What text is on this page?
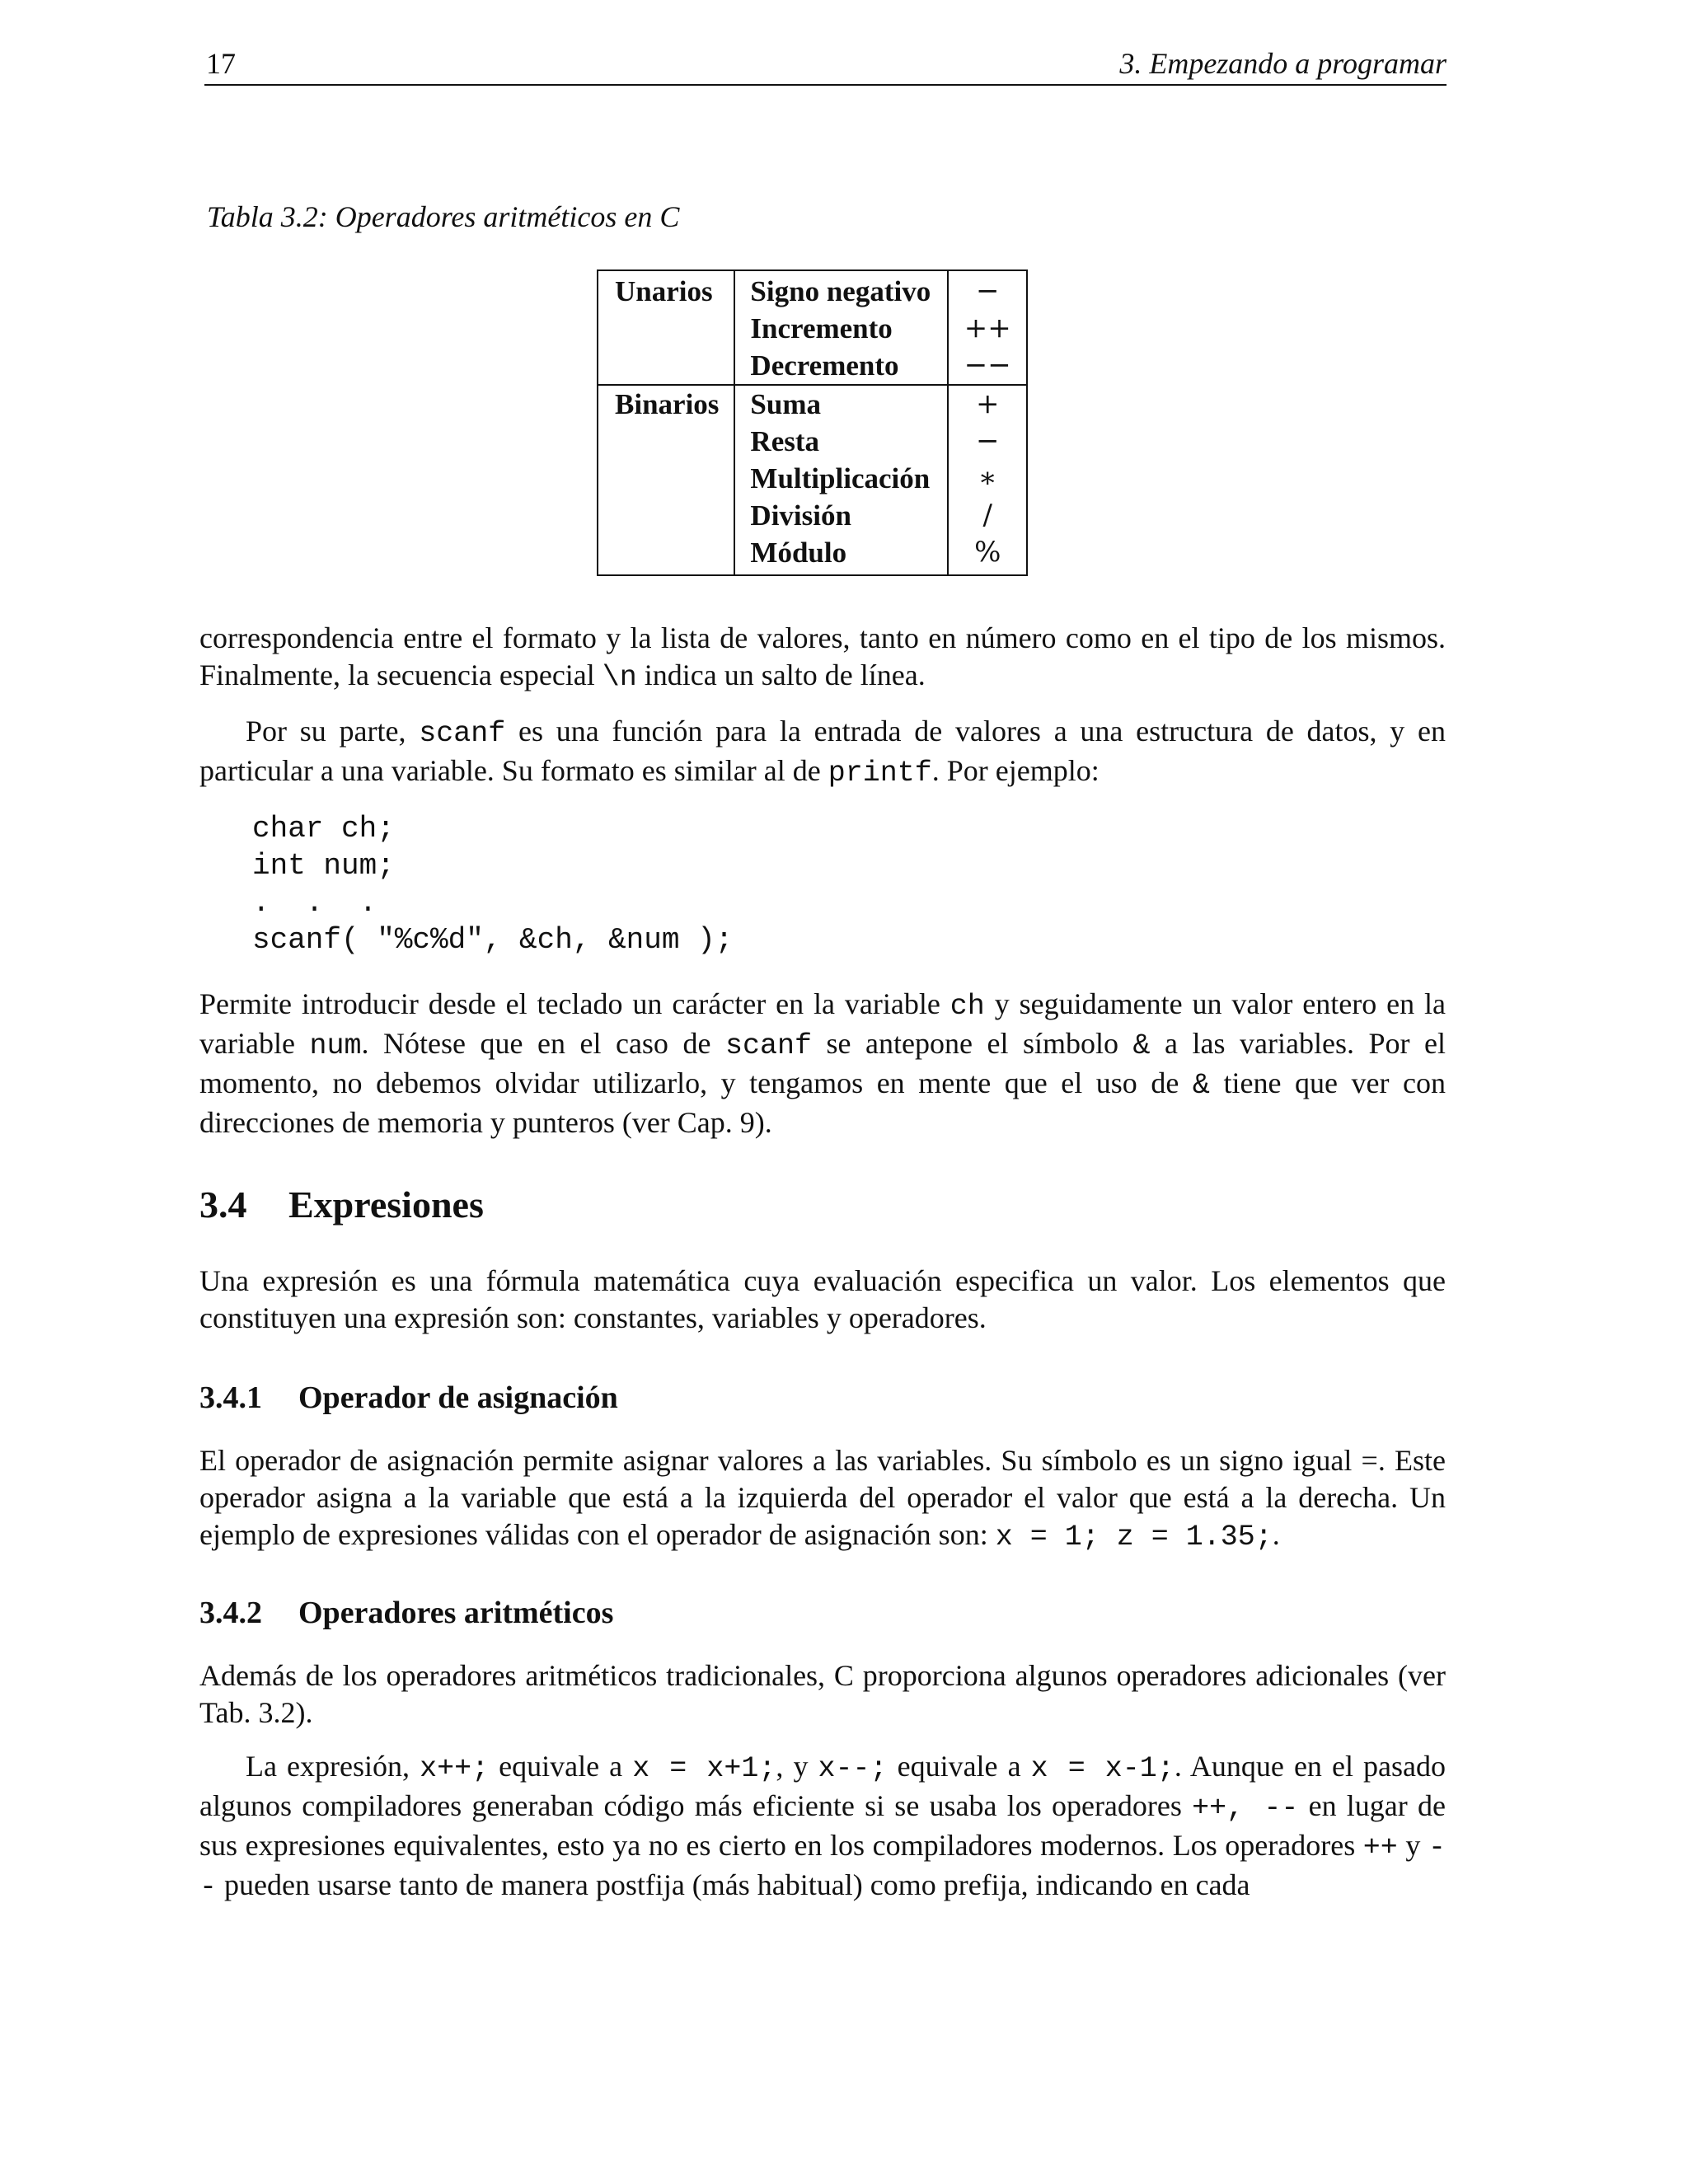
17	3. Empezando a programar
Tabla 3.2: Operadores aritméticos en C
Unarios	Signo negativo	−
	Incremento	++
	Decremento	−−
Binarios	Suma	+
	Resta	−
	Multiplicación	∗
	División	/
	Módulo	%

correspondencia entre el formato y la lista de valores, tanto en número como en el tipo de los mismos. Finalmente, la secuencia especial \n indica un salto de línea.

Por su parte, scanf es una función para la entrada de valores a una estructura de datos, y en particular a una variable. Su formato es similar al de printf. Por ejemplo:

char ch;
int num;
.  .  .
scanf( "%c%d", &ch, &num );

Permite introducir desde el teclado un carácter en la variable ch y seguidamente un valor entero en la variable num. Nótese que en el caso de scanf se antepone el símbolo & a las variables. Por el momento, no debemos olvidar utilizarlo, y tengamos en mente que el uso de & tiene que ver con direcciones de memoria y punteros (ver Cap. 9).

3.4 Expresiones

Una expresión es una fórmula matemática cuya evaluación especifica un valor. Los elementos que constituyen una expresión son: constantes, variables y operadores.

3.4.1 Operador de asignación

El operador de asignación permite asignar valores a las variables. Su símbolo es un signo igual =. Este operador asigna a la variable que está a la izquierda del operador el valor que está a la derecha. Un ejemplo de expresiones válidas con el operador de asignación son: x = 1; z = 1.35;.

3.4.2 Operadores aritméticos

Además de los operadores aritméticos tradicionales, C proporciona algunos operadores adicionales (ver Tab. 3.2).

La expresión, x++; equivale a x = x+1;, y x--; equivale a x = x-1;. Aunque en el pasado algunos compiladores generaban código más eficiente si se usaba los operadores ++, -- en lugar de sus expresiones equivalentes, esto ya no es cierto en los compiladores modernos. Los operadores ++ y -- pueden usarse tanto de manera postfija (más habitual) como prefija, indicando en cada
